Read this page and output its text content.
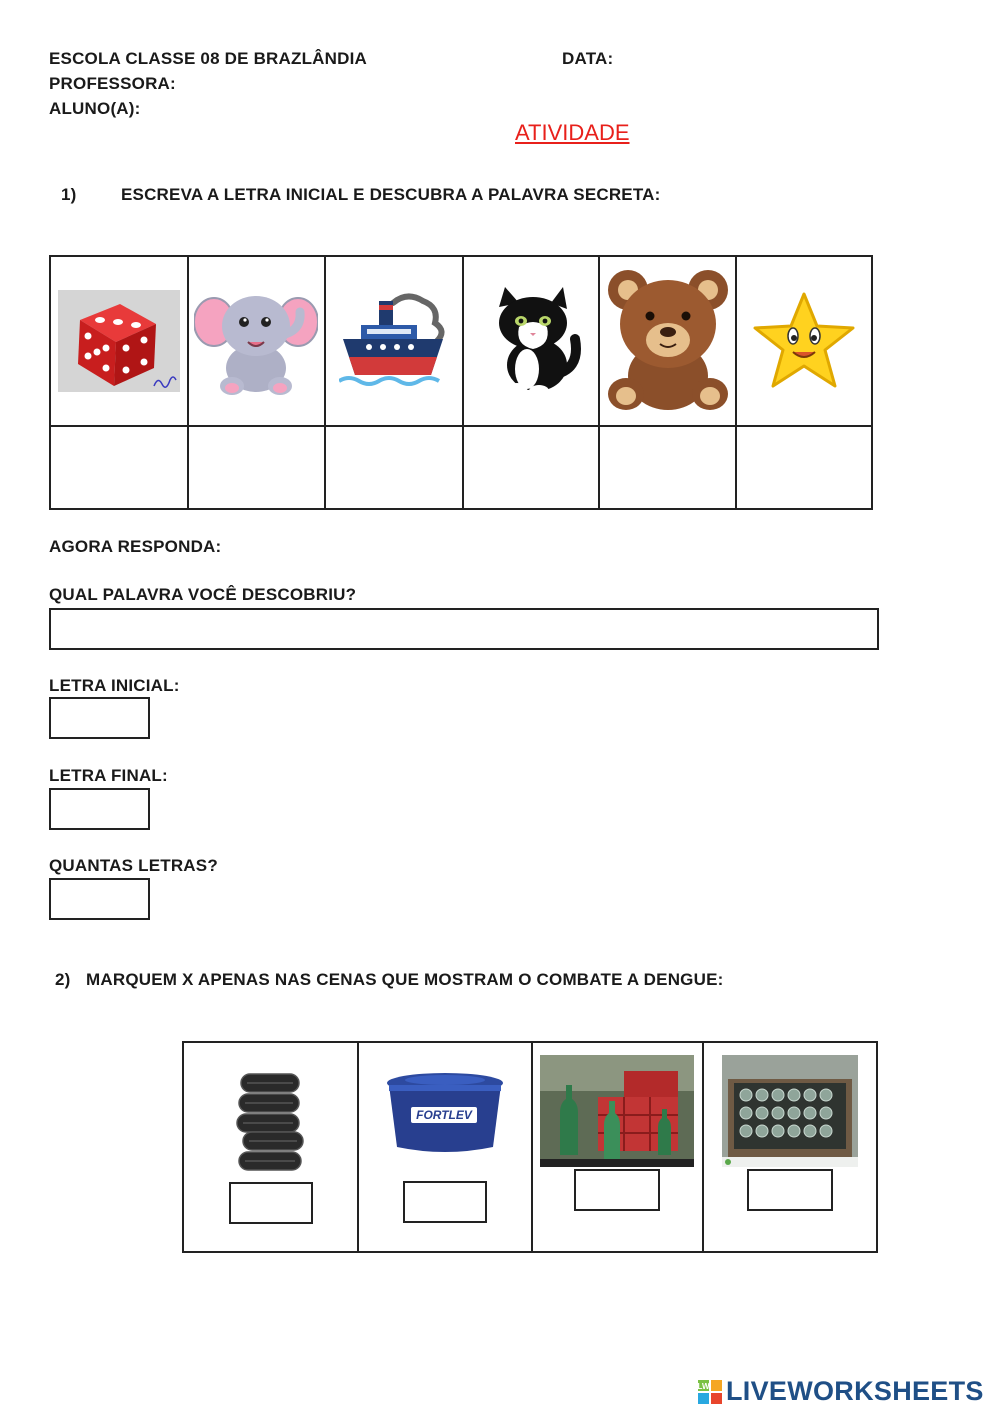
ESCOLA CLASSE 08 DE BRAZLÂNDIA	DATA:
PROFESSORA:
ALUNO(A):
ATIVIDADE
1)	ESCREVA A LETRA INICIAL E DESCUBRA A PALAVRA SECRETA:

AGORA RESPONDA:
QUAL PALAVRA VOCÊ DESCOBRIU?
LETRA INICIAL:
LETRA FINAL:
QUANTAS LETRAS?
2) MARQUEM X APENAS NAS CENAS QUE MOSTRAM O COMBATE A DENGUE:

FORTLEV

LW LIVEWORKSHEETS
